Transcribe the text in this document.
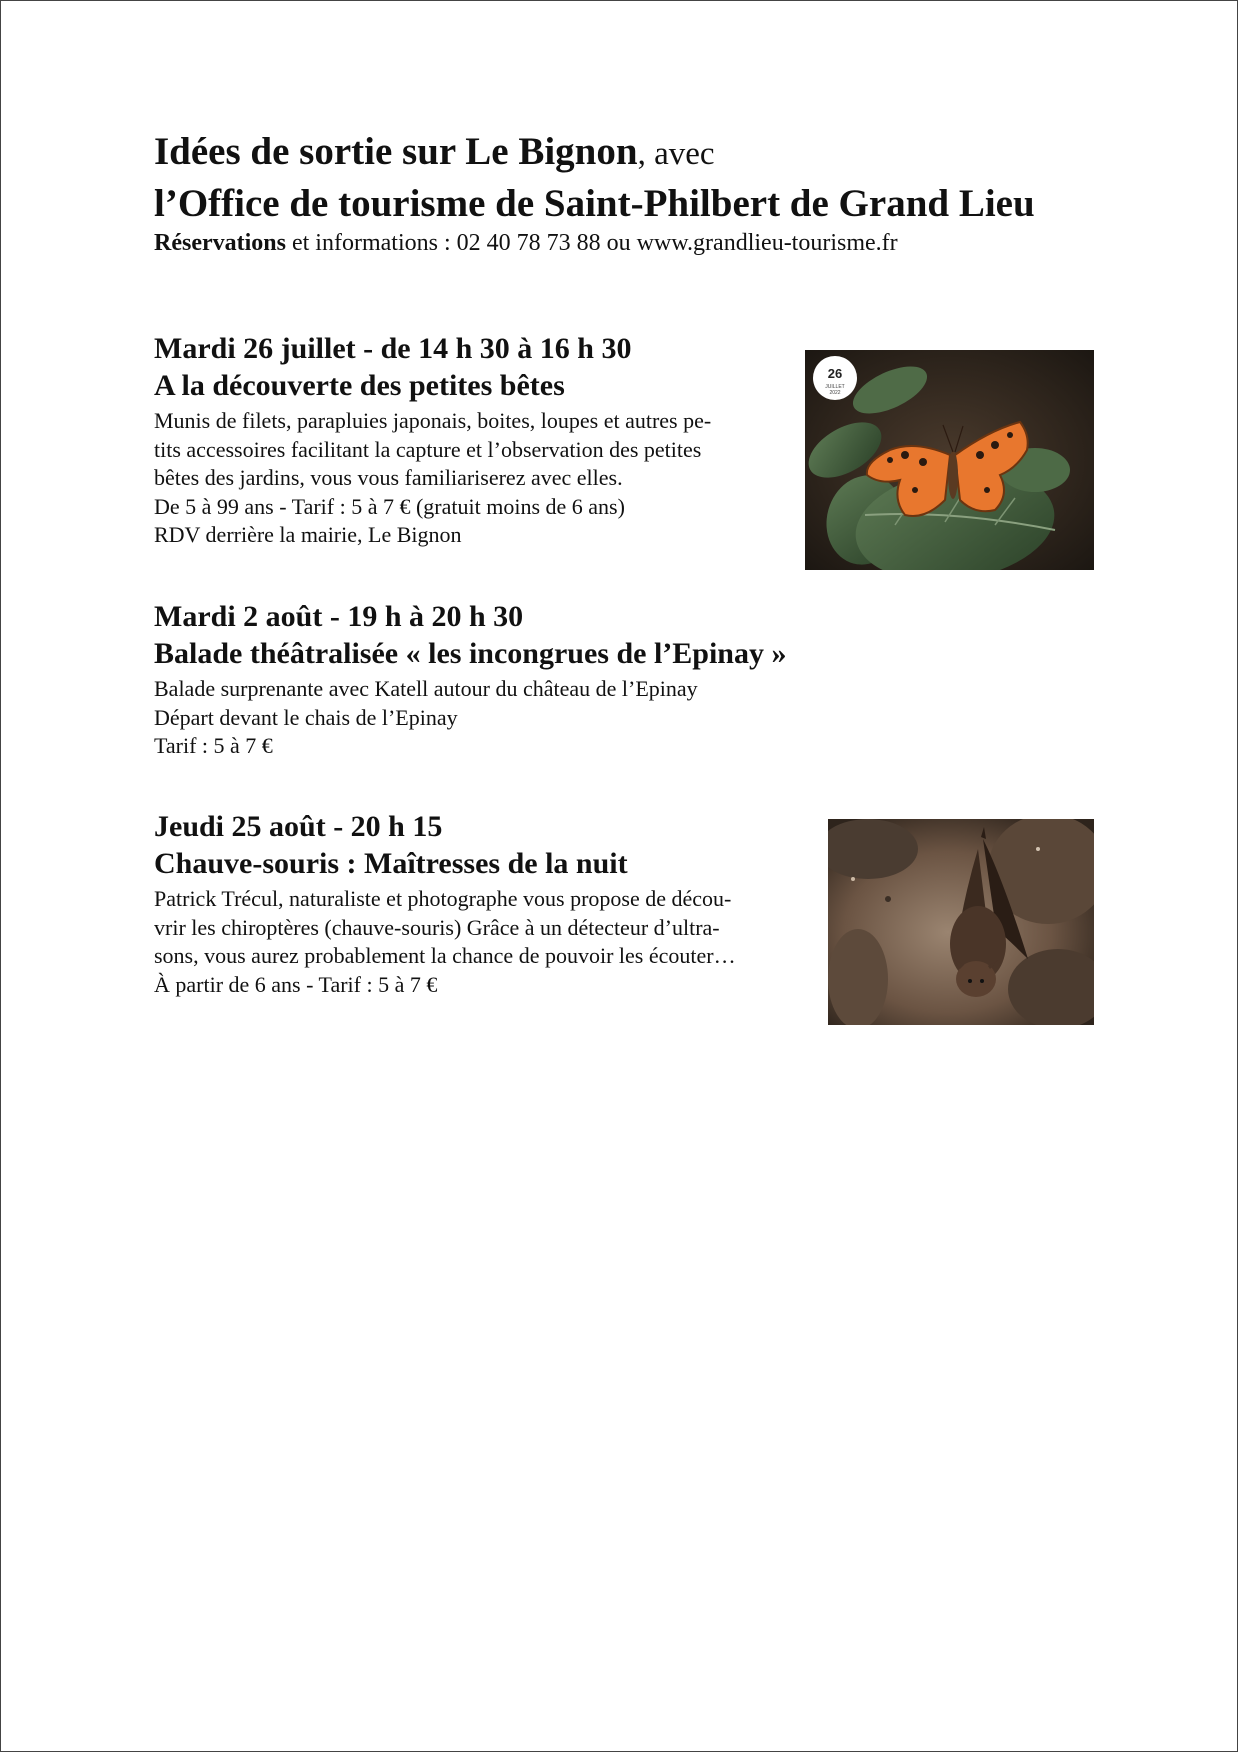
Idées de sortie sur Le Bignon, avec
l’Office de tourisme de Saint-Philbert de Grand Lieu
Réservations et informations : 02 40 78 73 88 ou www.grandlieu-tourisme.fr
Mardi 26 juillet - de 14 h 30 à 16 h 30
A la découverte des petites bêtes
Munis de filets, parapluies japonais, boites, loupes et autres pe-
tits accessoires facilitant la capture et l’observation des petites
bêtes des jardins, vous vous familiariserez avec elles.
De 5 à 99 ans - Tarif : 5 à 7 € (gratuit moins de 6 ans)
RDV derrière la mairie, Le Bignon
26
JUILLET
2022
Mardi 2 août - 19 h à 20 h 30
Balade théâtralisée « les incongrues de l’Epinay »
Balade surprenante avec Katell autour du château de l’Epinay
Départ devant le chais de l’Epinay
Tarif : 5 à 7 €
Jeudi 25 août - 20 h 15
Chauve-souris : Maîtresses de la nuit
Patrick Trécul, naturaliste et photographe vous propose de décou-
vrir les chiroptères (chauve-souris) Grâce à un détecteur d’ultra-
sons, vous aurez probablement la chance de pouvoir les écouter…
À partir de 6 ans - Tarif : 5 à 7 €
